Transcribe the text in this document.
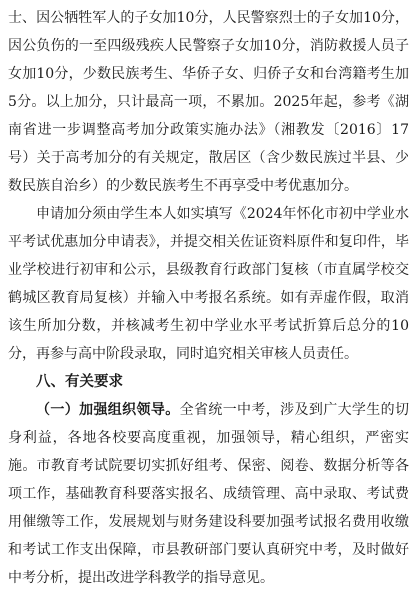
士、因公牺牲军人的子女加10分，人民警察烈士的子女加10分，因公负伤的一至四级残疾人民警察子女加10分，消防救援人员子女加10分，少数民族考生、华侨子女、归侨子女和台湾籍考生加5分。以上加分，只计最高一项，不累加。2025年起，参考《湖南省进一步调整高考加分政策实施办法》（湘教发〔2016〕17号）关于高考加分的有关规定，散居区（含少数民族过半县、少数民族自治乡）的少数民族考生不再享受中考优惠加分。

申请加分须由学生本人如实填写《2024年怀化市初中学业水平考试优惠加分申请表》，并提交相关佐证资料原件和复印件，毕业学校进行初审和公示，县级教育行政部门复核（市直属学校交鹤城区教育局复核）并输入中考报名系统。如有弄虚作假，取消该生所加分数，并核减考生初中学业水平考试折算后总分的10分，再参与高中阶段录取，同时追究相关审核人员责任。

八、有关要求

（一）加强组织领导。全省统一中考，涉及到广大学生的切身利益，各地各校要高度重视，加强领导，精心组织，严密实施。市教育考试院要切实抓好组考、保密、阅卷、数据分析等各项工作，基础教育科要落实报名、成绩管理、高中录取、考试费用催缴等工作，发展规划与财务建设科要加强考试报名费用收缴和考试工作支出保障，市县教研部门要认真研究中考，及时做好中考分析，提出改进学科教学的指导意见。
